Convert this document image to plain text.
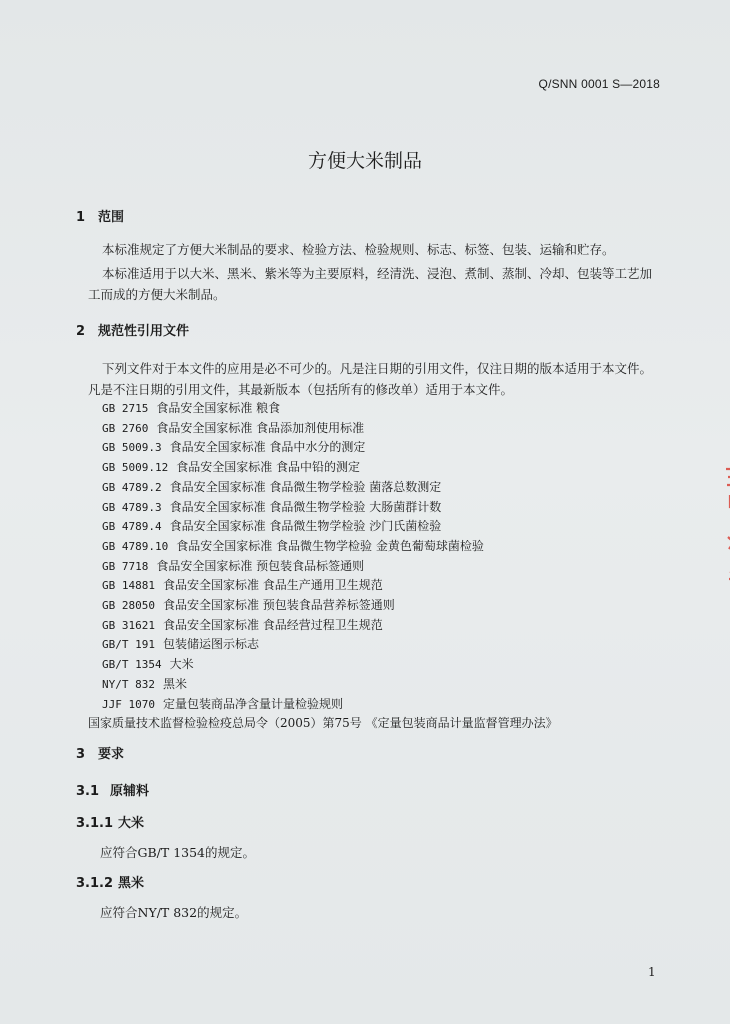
Q/SNN 0001 S—2018
方便大米制品
1 范围
本标准规定了方便大米制品的要求、检验方法、检验规则、标志、标签、包装、运输和贮存。
本标准适用于以大米、黑米、紫米等为主要原料，经清洗、浸泡、煮制、蒸制、冷却、包装等工艺加工而成的方便大米制品。
2 规范性引用文件
下列文件对于本文件的应用是必不可少的。凡是注日期的引用文件，仅注日期的版本适用于本文件。凡是不注日期的引用文件，其最新版本（包括所有的修改单）适用于本文件。
GB 2715 食品安全国家标准 粮食
GB 2760 食品安全国家标准 食品添加剂使用标准
GB 5009.3 食品安全国家标准 食品中水分的测定
GB 5009.12 食品安全国家标准 食品中铅的测定
GB 4789.2 食品安全国家标准 食品微生物学检验 菌落总数测定
GB 4789.3 食品安全国家标准 食品微生物学检验 大肠菌群计数
GB 4789.4 食品安全国家标准 食品微生物学检验 沙门氏菌检验
GB 4789.10 食品安全国家标准 食品微生物学检验 金黄色葡萄球菌检验
GB 7718 食品安全国家标准 预包装食品标签通则
GB 14881 食品安全国家标准 食品生产通用卫生规范
GB 28050 食品安全国家标准 预包装食品营养标签通则
GB 31621 食品安全国家标准 食品经营过程卫生规范
GB/T 191 包装储运图示标志
GB/T 1354 大米
NY/T 832 黑米
JJF 1070 定量包装商品净含量计量检验规则
国家质量技术监督检验检疫总局令（2005）第75号 《定量包装商品计量监督管理办法》
3 要求
3.1 原辅料
3.1.1 大米
应符合GB/T 1354的规定。
3.1.2 黑米
应符合NY/T 832的规定。
1
